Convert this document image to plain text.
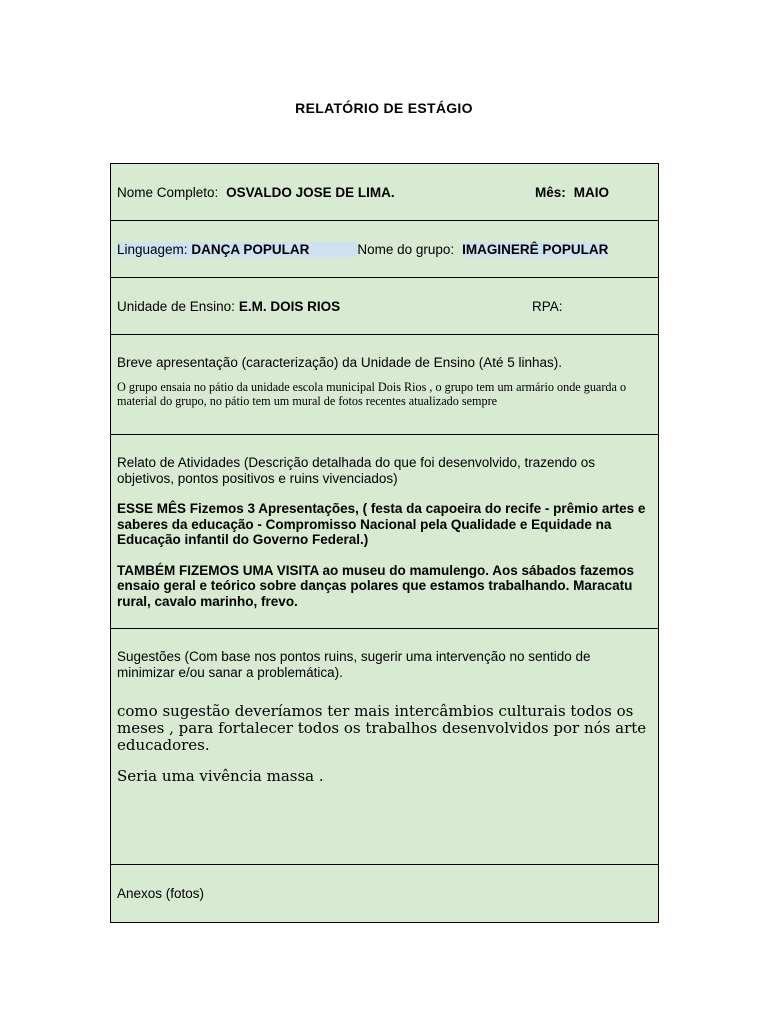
RELATÓRIO DE ESTÁGIO
Nome Completo:
OSVALDO JOSE DE LIMA.	Mês: MAIO
Linguagem: DANÇA POPULAR	Nome do grupo: IMAGINERÊ POPULAR
Unidade de Ensino: E.M. DOIS RIOS	RPA:

Breve apresentação (caracterização) da Unidade de Ensino (Até 5 linhas).

O grupo ensaia no pátio da unidade escola municipal Dois Rios , o grupo tem um armário onde guarda o material do grupo, no pátio tem um mural de fotos recentes atualizado sempre

Relato de Atividades (Descrição detalhada do que foi desenvolvido, trazendo os objetivos, pontos positivos e ruins vivenciados)

ESSE MÊS Fizemos 3 Apresentações, ( festa da capoeira do recife - prêmio artes e saberes da educação - Compromisso Nacional pela Qualidade e Equidade na Educação infantil do Governo Federal.)

TAMBÉM FIZEMOS UMA VISITA ao museu do mamulengo. Aos sábados fazemos ensaio geral e teórico sobre danças polares que estamos trabalhando. Maracatu rural, cavalo marinho, frevo.

Sugestões (Com base nos pontos ruins, sugerir uma intervenção no sentido de minimizar e/ou sanar a problemática).

como sugestão deveríamos ter mais intercâmbios culturais todos os meses , para fortalecer todos os trabalhos desenvolvidos por nós arte educadores.

Seria uma vivência massa .

Anexos (fotos)
